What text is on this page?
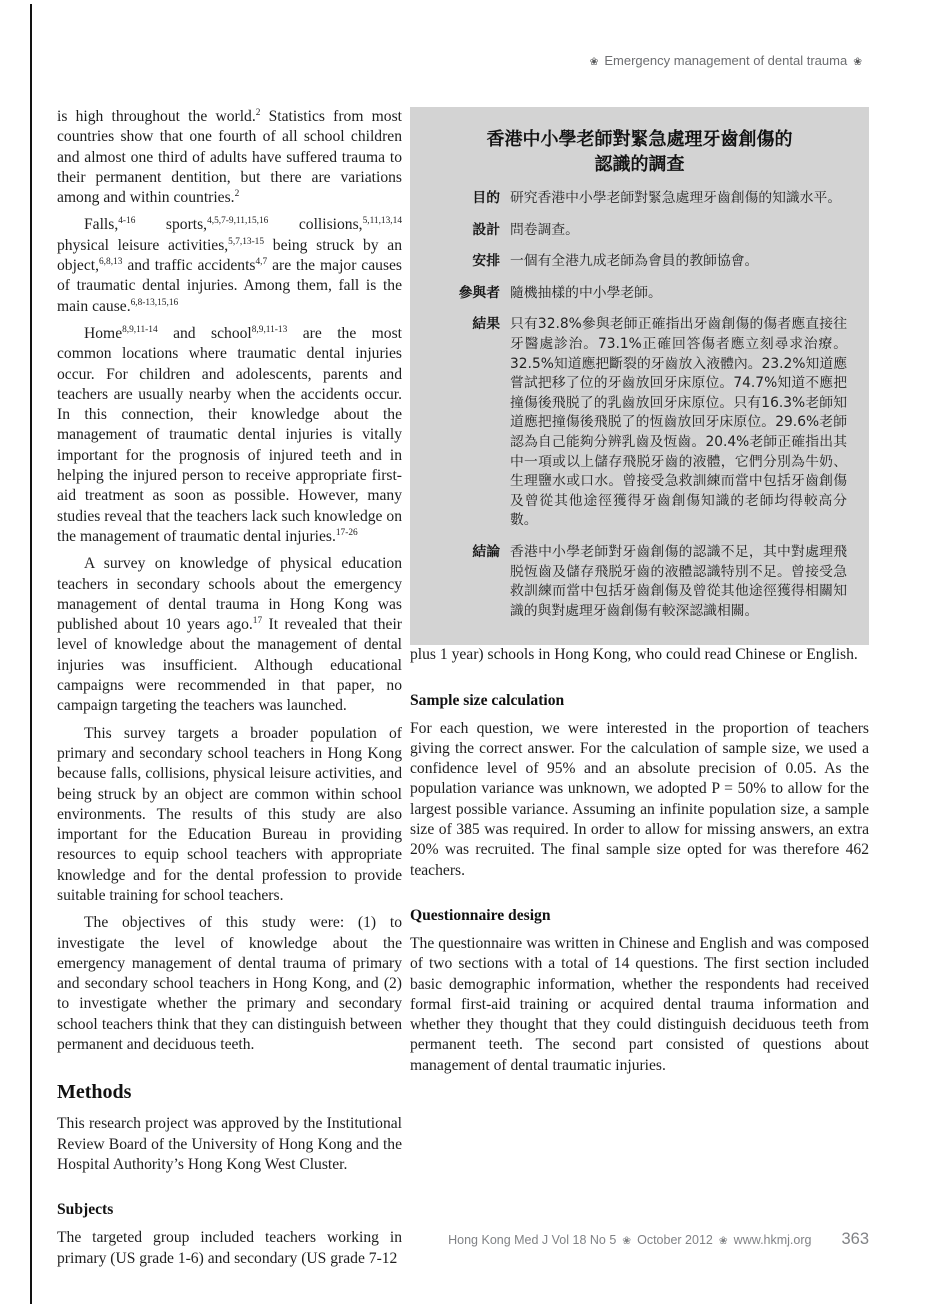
❀ Emergency management of dental trauma ❀

is high throughout the world.$^2$ Statistics from most countries show that one fourth of all school children and almost one third of adults have suffered trauma to their permanent dentition, but there are variations among and within countries.$^2$

Falls,$^{4-16}$ sports,$^{4,5,7-9,11,15,16}$ collisions,$^{5,11,13,14}$ physical leisure activities,$^{5,7,13-15}$ being struck by an object,$^{6,8,13}$ and traffic accidents$^{4,7}$ are the major causes of traumatic dental injuries. Among them, fall is the main cause.$^{6,8-13,15,16}$

Home$^{8,9,11-14}$ and school$^{8,9,11-13}$ are the most common locations where traumatic dental injuries occur. For children and adolescents, parents and teachers are usually nearby when the accidents occur. In this connection, their knowledge about the management of traumatic dental injuries is vitally important for the prognosis of injured teeth and in helping the injured person to receive appropriate first-aid treatment as soon as possible. However, many studies reveal that the teachers lack such knowledge on the management of traumatic dental injuries.$^{17-26}$

A survey on knowledge of physical education teachers in secondary schools about the emergency management of dental trauma in Hong Kong was published about 10 years ago.$^{17}$ It revealed that their level of knowledge about the management of dental injuries was insufficient. Although educational campaigns were recommended in that paper, no campaign targeting the teachers was launched.

This survey targets a broader population of primary and secondary school teachers in Hong Kong because falls, collisions, physical leisure activities, and being struck by an object are common within school environments. The results of this study are also important for the Education Bureau in providing resources to equip school teachers with appropriate knowledge and for the dental profession to provide suitable training for school teachers.

The objectives of this study were: (1) to investigate the level of knowledge about the emergency management of dental trauma of primary and secondary school teachers in Hong Kong, and (2) to investigate whether the primary and secondary school teachers think that they can distinguish between permanent and deciduous teeth.

Methods

This research project was approved by the Institutional Review Board of the University of Hong Kong and the Hospital Authority’s Hong Kong West Cluster.

Subjects

The targeted group included teachers working in primary (US grade 1-6) and secondary (US grade 7-12

香港中小學老師對緊急處理牙齒創傷的
認識的調查
目的 研究香港中小學老師對緊急處理牙齒創傷的知識水平。
設計 問卷調查。
安排 一個有全港九成老師為會員的教師協會。
參與者 隨機抽樣的中小學老師。
結果 只有32.8%參與老師正確指出牙齒創傷的傷者應直接往牙醫處診治。73.1%正確回答傷者應立刻尋求治療。32.5%知道應把斷裂的牙齒放入液體內。23.2%知道應嘗試把移了位的牙齒放回牙床原位。74.7%知道不應把撞傷後飛脱了的乳齒放回牙床原位。只有16.3%老師知道應把撞傷後飛脱了的恆齒放回牙床原位。29.6%老師認為自己能夠分辨乳齒及恆齒。20.4%老師正確指出其中一項或以上儲存飛脱牙齒的液體，它們分別為牛奶、生理鹽水或口水。曾接受急救訓練而當中包括牙齒創傷及曾從其他途徑獲得牙齒創傷知識的老師均得較高分數。
結論 香港中小學老師對牙齒創傷的認識不足，其中對處理飛脱恆齒及儲存飛脱牙齒的液體認識特別不足。曾接受急救訓練而當中包括牙齒創傷及曾從其他途徑獲得相關知識的與對處理牙齒創傷有較深認識相關。

plus 1 year) schools in Hong Kong, who could read Chinese or English.

Sample size calculation

For each question, we were interested in the proportion of teachers giving the correct answer. For the calculation of sample size, we used a confidence level of 95% and an absolute precision of 0.05. As the population variance was unknown, we adopted P = 50% to allow for the largest possible variance. Assuming an infinite population size, a sample size of 385 was required. In order to allow for missing answers, an extra 20% was recruited. The final sample size opted for was therefore 462 teachers.

Questionnaire design

The questionnaire was written in Chinese and English and was composed of two sections with a total of 14 questions. The first section included basic demographic information, whether the respondents had received formal first-aid training or acquired dental trauma information and whether they thought that they could distinguish deciduous teeth from permanent teeth. The second part consisted of questions about management of dental traumatic injuries.

Hong Kong Med J Vol 18 No 5 ❀ October 2012 ❀ www.hkmj.org 363
